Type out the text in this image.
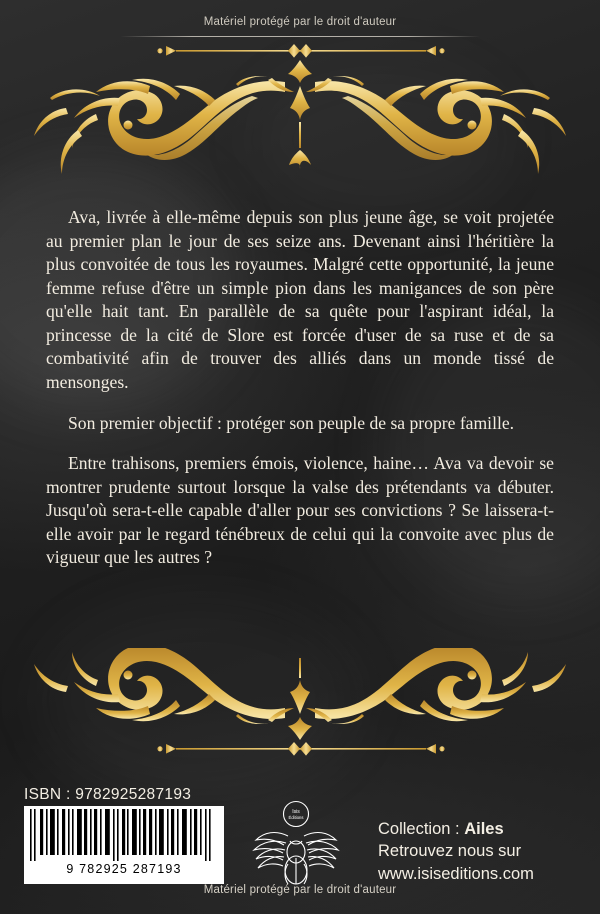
Matériel protégé par le droit d'auteur

Ava, livrée à elle-même depuis son plus jeune âge, se voit projetée au premier plan le jour de ses seize ans. Devenant ainsi l'héritière la plus convoitée de tous les royaumes. Malgré cette opportunité, la jeune femme refuse d'être un simple pion dans les manigances de son père qu'elle hait tant. En parallèle de sa quête pour l'aspirant idéal, la princesse de la cité de Slore est forcée d'user de sa ruse et de sa combativité afin de trouver des alliés dans un monde tissé de mensonges.

Son premier objectif : protéger son peuple de sa propre famille.

Entre trahisons, premiers émois, violence, haine… Ava va devoir se montrer prudente surtout lorsque la valse des prétendants va débuter. Jusqu'où sera-t-elle capable d'aller pour ses convictions ? Se laissera-t-elle avoir par le regard ténébreux de celui qui la convoite avec plus de vigueur que les autres ?

ISBN : 9782925287193
9 782925 287193
Isis
Éditions
Collection : Ailes
Retrouvez nous sur
www.isiseditions.com
Matériel protégé par le droit d'auteur
